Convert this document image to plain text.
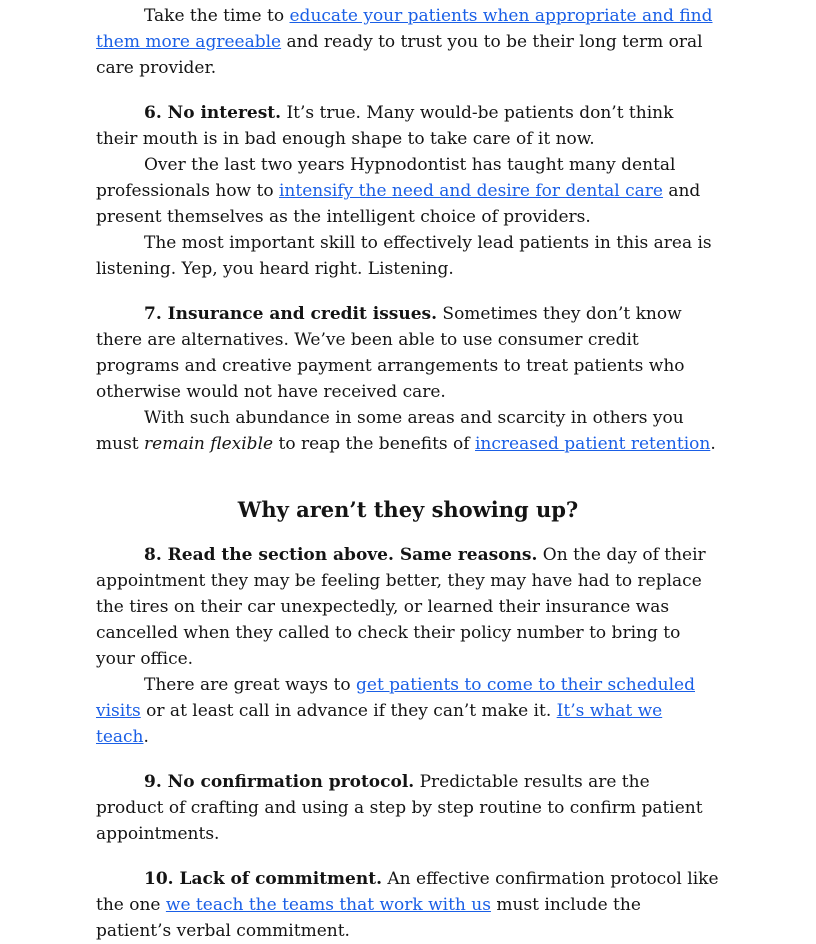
Take the time to educate your patients when appropriate and find them more agreeable and ready to trust you to be their long term oral care provider.

6. No interest. It’s true. Many would-be patients don’t think their mouth is in bad enough shape to take care of it now.

Over the last two years Hypnodontist has taught many dental professionals how to intensify the need and desire for dental care and present themselves as the intelligent choice of providers.

The most important skill to effectively lead patients in this area is listening. Yep, you heard right. Listening.

7. Insurance and credit issues. Sometimes they don’t know there are alternatives. We’ve been able to use consumer credit programs and creative payment arrangements to treat patients who otherwise would not have received care.

With such abundance in some areas and scarcity in others you must remain flexible to reap the benefits of increased patient retention.

Why aren’t they showing up?

8. Read the section above. Same reasons. On the day of their appointment they may be feeling better, they may have had to replace the tires on their car unexpectedly, or learned their insurance was cancelled when they called to check their policy number to bring to your office.

There are great ways to get patients to come to their scheduled visits or at least call in advance if they can’t make it. It’s what we teach.

9. No confirmation protocol. Predictable results are the product of crafting and using a step by step routine to confirm patient appointments.

10. Lack of commitment. An effective confirmation protocol like the one we teach the teams that work with us must include the patient’s verbal commitment.
